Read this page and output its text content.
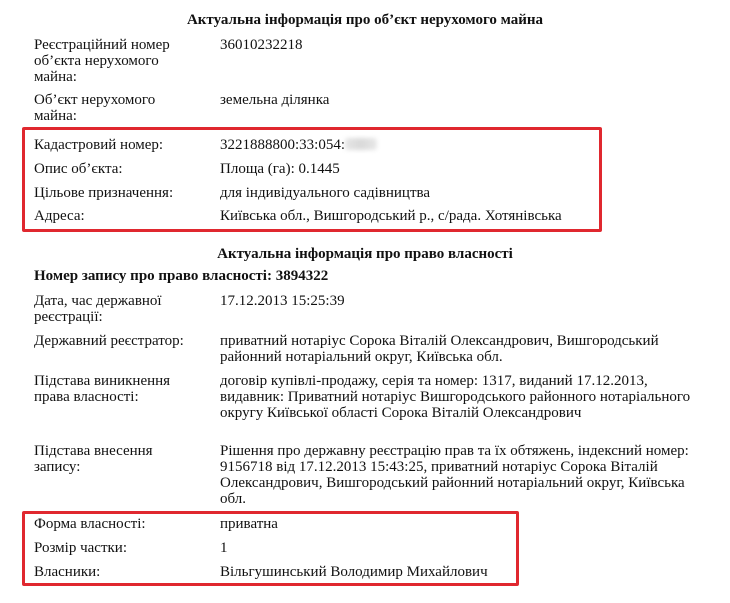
Актуальна інформація про об’єкт нерухомого майна
Реєстраційний номер об’єкта нерухомого майна:
36010232218
Об’єкт нерухомого майна:
земельна ділянка
Кадастровий номер:	3221888800:33:054:
Опис об’єкта:	Площа (га): 0.1445
Цільове призначення:	для індивідуального садівництва
Адреса:	Київська обл., Вишгородський р., с/рада. Хотянівська
Актуальна інформація про право власності
Номер запису про право власності: 3894322
Дата, час державної реєстрації:
17.12.2013 15:25:39
Державний реєстратор:	приватний нотаріус Сорока Віталій Олександрович, Вишгородський районний нотаріальний округ, Київська обл.
Підстава виникнення права власності:
договір купівлі-продажу, серія та номер: 1317, виданий 17.12.2013, видавник: Приватний нотаріус Вишгородського районного нотаріального округу Київської області Сорока Віталій Олександрович
Підстава внесення запису:
Рішення про державну реєстрацію прав та їх обтяжень, індексний номер: 9156718 від 17.12.2013 15:43:25, приватний нотаріус Сорока Віталій Олександрович, Вишгородський районний нотаріальний округ, Київська обл.
Форма власності:	приватна
Розмір частки:	1
Власники:	Вільгушинський Володимир Михайлович
